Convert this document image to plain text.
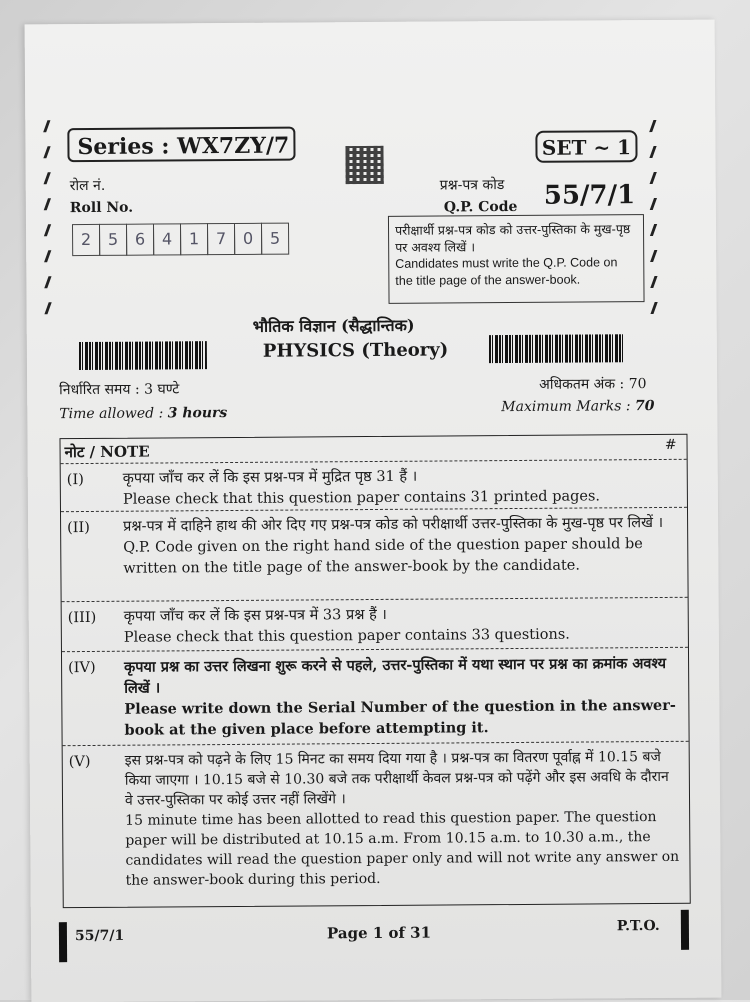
Series : WX7ZY/7	SET ~ 1
रोल नं.
Roll No.
2	5	6	4	1	7	0	5
प्रश्न-पत्र कोड
Q.P. Code 55/7/1
परीक्षार्थी प्रश्न-पत्र कोड को उत्तर-पुस्तिका के मुख-पृष्ठ पर अवश्य लिखें ।
Candidates must write the Q.P. Code on the title page of the answer-book.
भौतिक विज्ञान (सैद्धान्तिक)
PHYSICS (Theory)
निर्धारित समय : 3 घण्टे
Time allowed : 3 hours
अधिकतम अंक : 70
Maximum Marks : 70
नोट / NOTE	#
(I)	कृपया जाँच कर लें कि इस प्रश्न-पत्र में मुद्रित पृष्ठ 31 हैं ।

Please check that this question paper contains 31 printed pages.

(II) प्रश्न-पत्र में दाहिने हाथ की ओर दिए गए प्रश्न-पत्र कोड को परीक्षार्थी उत्तर-पुस्तिका के मुख-पृष्ठ पर लिखें ।

Q.P. Code given on the right hand side of the question paper should be written on the title page of the answer-book by the candidate.

(III) कृपया जाँच कर लें कि इस प्रश्न-पत्र में 33 प्रश्न हैं ।

Please check that this question paper contains 33 questions.

(IV) कृपया प्रश्न का उत्तर लिखना शुरू करने से पहले, उत्तर-पुस्तिका में यथा स्थान पर प्रश्न का क्रमांक अवश्य लिखें ।

Please write down the Serial Number of the question in the answer-book at the given place before attempting it.

(V) इस प्रश्न-पत्र को पढ़ने के लिए 15 मिनट का समय दिया गया है । प्रश्न-पत्र का वितरण पूर्वाह्न में 10.15 बजे किया जाएगा । 10.15 बजे से 10.30 बजे तक परीक्षार्थी केवल प्रश्न-पत्र को पढ़ेंगे और इस अवधि के दौरान वे उत्तर-पुस्तिका पर कोई उत्तर नहीं लिखेंगे ।

15 minute time has been allotted to read this question paper. The question paper will be distributed at 10.15 a.m. From 10.15 a.m. to 10.30 a.m., the candidates will read the question paper only and will not write any answer on the answer-book during this period.

55/7/1	Page 1 of 31	P.T.O.
